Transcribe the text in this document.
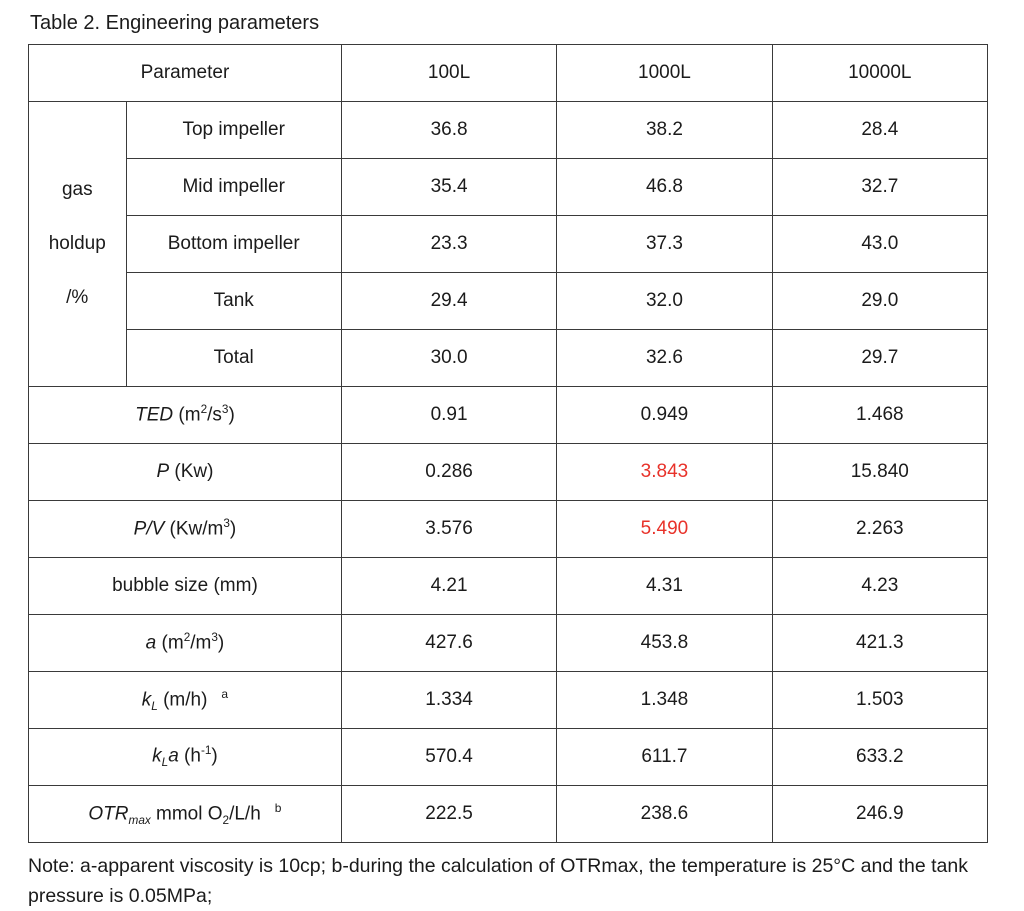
Table 2. Engineering parameters
Parameter		100L	1000L	10000L

gas
holdup
/%	Top impeller	36.8	38.2	28.4
	Mid impeller	35.4	46.8	32.7
	Bottom impeller	23.3	37.3	43.0
	Tank	29.4	32.0	29.0
	Total	30.0	32.6	29.7
TED $(m^2/s^3)$		0.91	0.949	1.468
P (Kw)		0.286	3.843	15.840
P/V $(Kw/m^3)$		3.576	5.490	2.263
bubble size (mm)		4.21	4.31	4.23
a $(m^2/m^3)$		427.6	453.8	421.3
$k_L$ (m/h) $^a$		1.334	1.348	1.503
$k_La$ $(h^{-1})$		570.4	611.7	633.2
$OTR_{max}$ mmol $O_2/L/h$ $^b$		222.5	238.6	246.9
Note: a-apparent viscosity is 10cp; b-during the calculation of OTRmax, the temperature is 25°C and the tank pressure is 0.05MPa;
